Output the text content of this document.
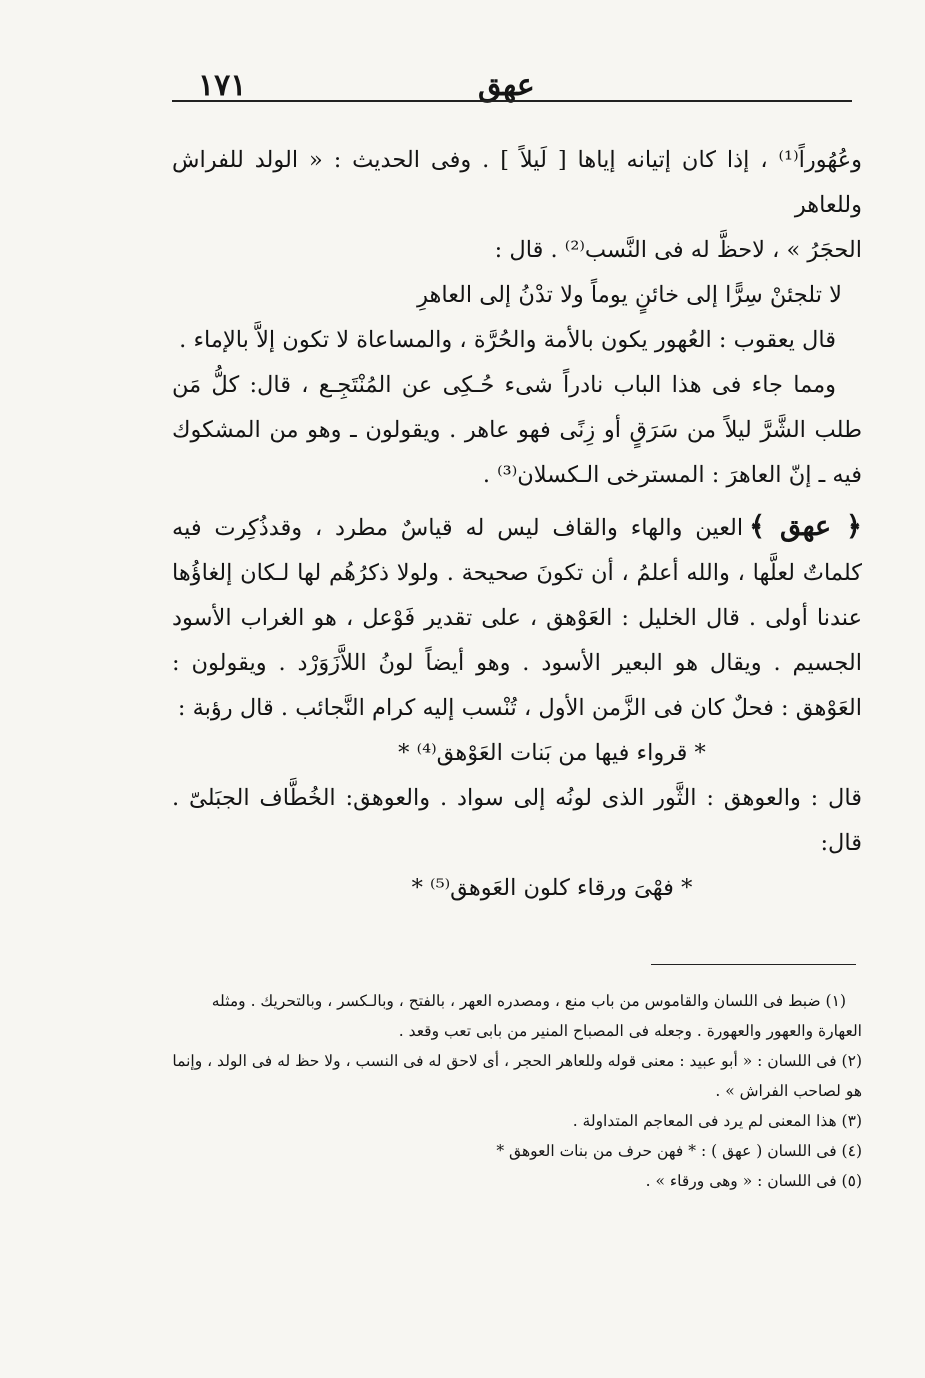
١٧١	عهق

وعُهُوراً⁽¹⁾ ، إذا كان إتيانه إياها [ لَيلاً ] . وفى الحديث : « الولد للفراش وللعاهر

الحجَرُ » ، لاحظَّ له فى النَّسب⁽²⁾ . قال :

لا تلجئنْ سِرًّا إلى خائنٍ يوماً ولا تدْنُ إلى العاهرِ

قال يعقوب : العُهور يكون بالأمة والحُرَّة ، والمساعاة لا تكون إلاَّ بالإماء .

ومما جاء فى هذا الباب نادراً شىء حُـكِى عن المُنْتَجِـع ، قال: كلُّ مَن طلب الشَّرَّ ليلاً من سَرَقٍ أو زِنًى فهو عاهر . ويقولون ـ وهو من المشكوك فيه ـ إنّ العاهرَ : المسترخى الـكسلان⁽³⁾ .

﴿ عهق ﴾العين والهاء والقاف ليس له قياسٌ مطرد ، وقدذُكِرت فيه كلماتٌ لعلَّها ، والله أعلمُ ، أن تكونَ صحيحة . ولولا ذكرُهُم لها لـكان إلغاؤُها عندنا أولى . قال الخليل : العَوْهق ، على تقدير فَوْعل ، هو الغراب الأسود الجسيم . ويقال هو البعير الأسود . وهو أيضاً لونُ اللاَّزَوَرْد . ويقولون : العَوْهق : فحلٌ كان فى الزَّمن الأول ، تُنْسب إليه كرام النَّجائب . قال رؤبة :

* قرواء فيها من بَنات العَوْهق⁽⁴⁾ *

قال : والعوهق : الثَّور الذى لونُه إلى سواد . والعوهق: الخُطَّاف الجبَلىّ . قال:

* فهْىَ ورقاء كلون العَوهق⁽⁵⁾ *

(١) ضبط فى اللسان والقاموس من باب منع ، ومصدره العهر ، بالفتح ، وبالـكسر ، وبالتحريك . ومثله العهارة والعهور والعهورة . وجعله فى المصباح المنير من بابى تعب وقعد .

(٢) فى اللسان : « أبو عبيد : معنى قوله وللعاهر الحجر ، أى لاحق له فى النسب ، ولا حظ له فى الولد ، وإنما هو لصاحب الفراش » .

(٣) هذا المعنى لم يرد فى المعاجم المتداولة .

(٤) فى اللسان ( عهق ) : * فهن حرف من بنات العوهق *

(٥) فى اللسان : « وهى ورقاء » .
